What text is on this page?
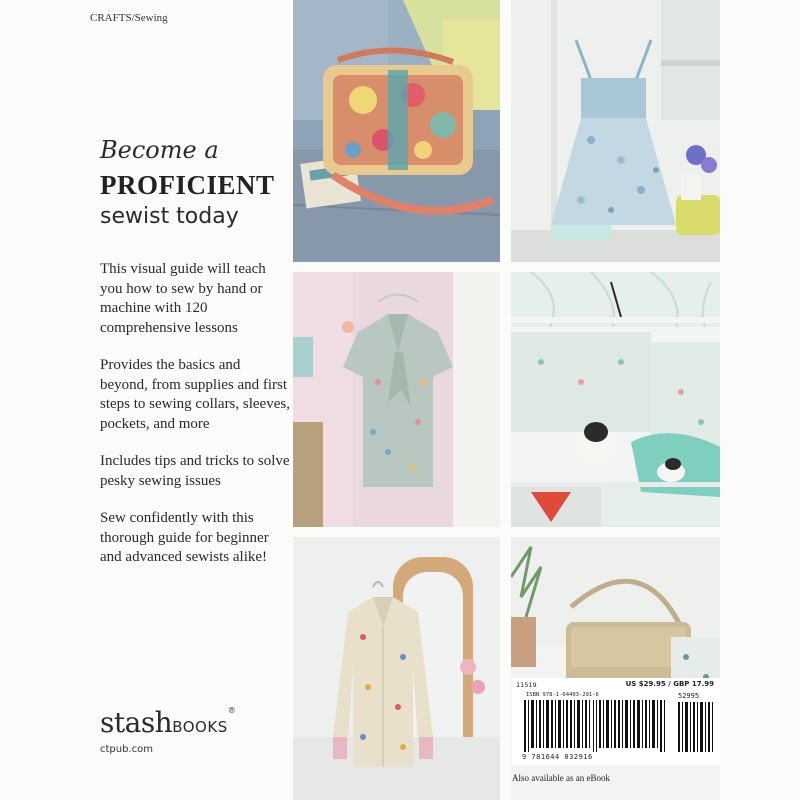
CRAFTS/Sewing
Become a
PROFICIENT
sewist today

This visual guide will teach you how to sew by hand or machine with 120 comprehensive lessons

Provides the basics and beyond, from supplies and first steps to sewing collars, sleeves, pockets, and more

Includes tips and tricks to solve pesky sewing issues

Sew confidently with this thorough guide for beginner and advanced sewists alike!

stashBOOKS®
ctpub.com
11519	US $29.95 / GBP 17.99
ISBN 978-1-64403-291-6	52995
9 781644 032916
Also available as an eBook
